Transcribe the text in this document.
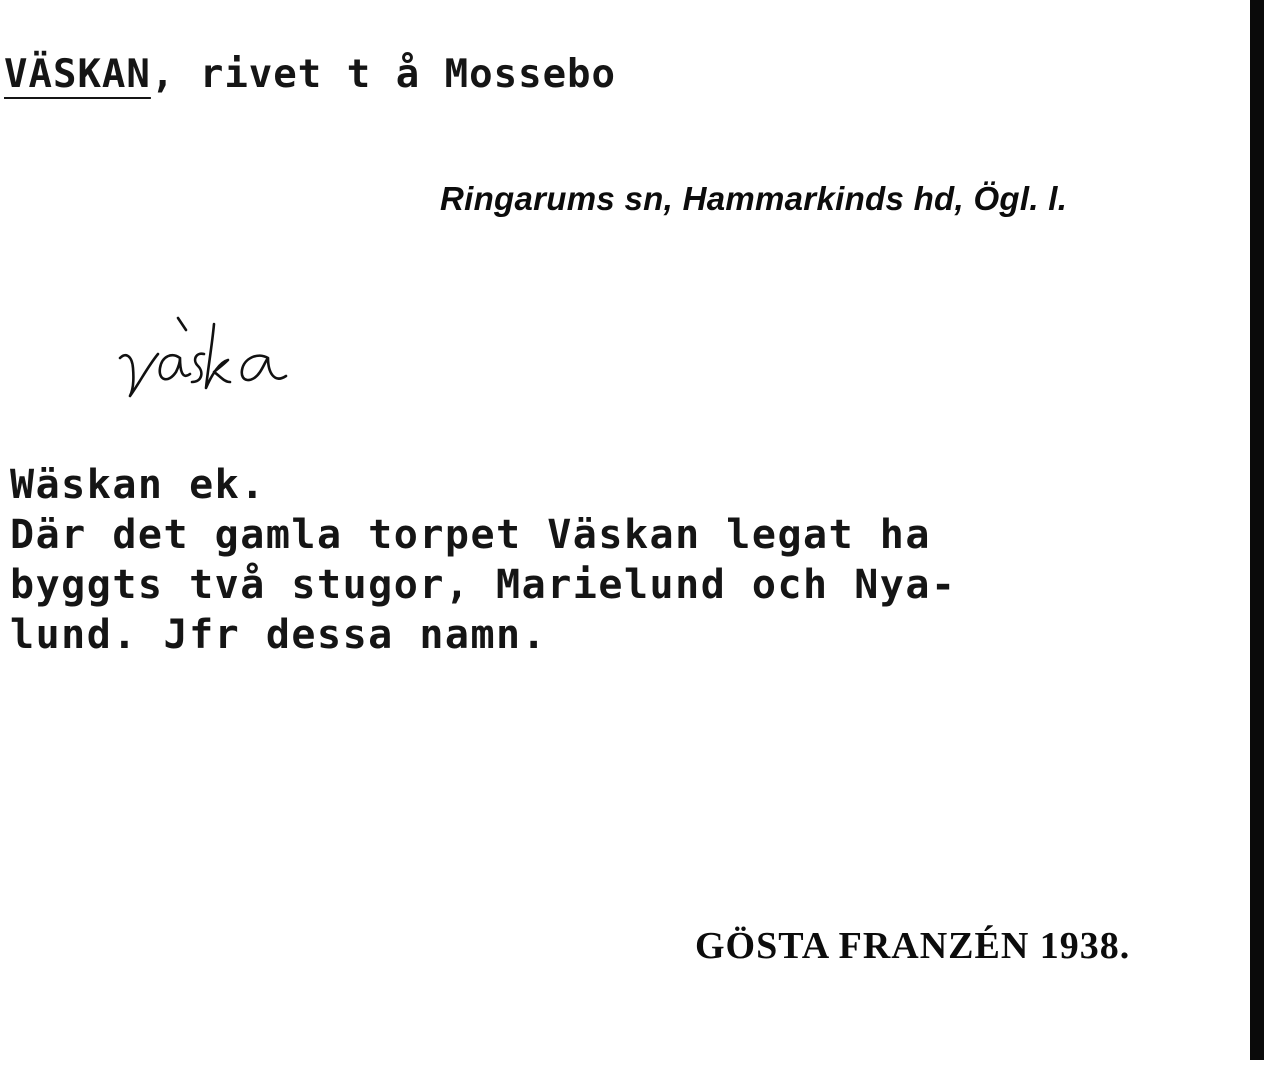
VÄSKAN, rivet t å Mossebo
Ringarums sn, Hammarkinds hd, Ögl. l.
Wäskan ek.
Där det gamla torpet Väskan legat ha
byggts två stugor, Marielund och Nya-
lund. Jfr dessa namn.
GÖSTA FRANZÉN 1938.
